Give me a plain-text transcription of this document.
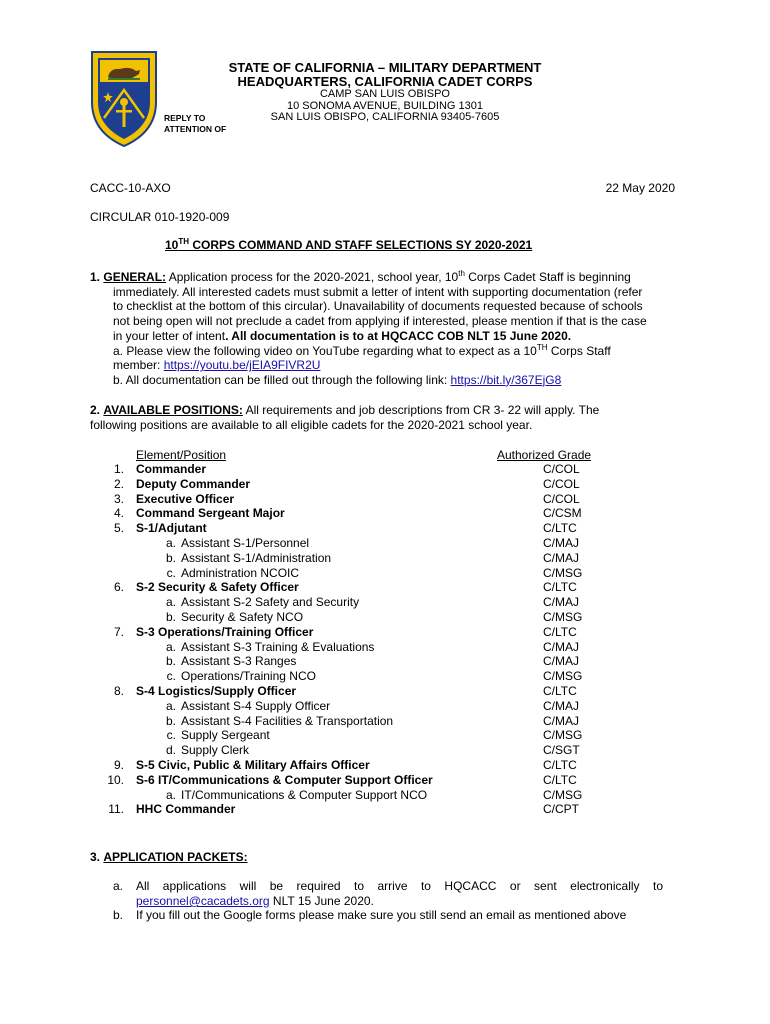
STATE OF CALIFORNIA – MILITARY DEPARTMENT
HEADQUARTERS, CALIFORNIA CADET CORPS
CAMP SAN LUIS OBISPO
10 SONOMA AVENUE, BUILDING 1301
SAN LUIS OBISPO, CALIFORNIA 93405-7605
REPLY TO
ATTENTION OF
CACC-10-AXO	22 May 2020
CIRCULAR 010-1920-009
10TH CORPS COMMAND AND STAFF SELECTIONS SY 2020-2021
1. GENERAL: Application process for the 2020-2021, school year, 10th Corps Cadet Staff is beginning
immediately. All interested cadets must submit a letter of intent with supporting documentation (refer
to checklist at the bottom of this circular). Unavailability of documents requested because of schools
not being open will not preclude a cadet from applying if interested, please mention if that is the case
in your letter of intent. All documentation is to at HQCACC COB NLT 15 June 2020.
a. Please view the following video on YouTube regarding what to expect as a 10TH Corps Staff
member: https://youtu.be/jEIA9FIVR2U
b. All documentation can be filled out through the following link: https://bit.ly/367EjG8
2. AVAILABLE POSITIONS: All requirements and job descriptions from CR 3- 22 will apply. The
following positions are available to all eligible cadets for the 2020-2021 school year.
Element/Position	Authorized Grade
1. Commander	C/COL
2. Deputy Commander	C/COL
3. Executive Officer	C/COL
4. Command Sergeant Major	C/CSM
5. S-1/Adjutant	C/LTC
a. Assistant S-1/Personnel	C/MAJ
b. Assistant S-1/Administration	C/MAJ
c. Administration NCOIC	C/MSG
6. S-2 Security & Safety Officer	C/LTC
a. Assistant S-2 Safety and Security	C/MAJ
b. Security & Safety NCO	C/MSG
7. S-3 Operations/Training Officer	C/LTC
a. Assistant S-3 Training & Evaluations	C/MAJ
b. Assistant S-3 Ranges	C/MAJ
c. Operations/Training NCO	C/MSG
8. S-4 Logistics/Supply Officer	C/LTC
a. Assistant S-4 Supply Officer	C/MAJ
b. Assistant S-4 Facilities & Transportation	C/MAJ
c. Supply Sergeant	C/MSG
d. Supply Clerk	C/SGT
9. S-5 Civic, Public & Military Affairs Officer	C/LTC
10. S-6 IT/Communications & Computer Support Officer	C/LTC
a. IT/Communications & Computer Support NCO	C/MSG
11. HHC Commander	C/CPT
3. APPLICATION PACKETS:
a. All applications will be required to arrive to HQCACC or sent electronically to
personnel@cacadets.org NLT 15 June 2020.
b. If you fill out the Google forms please make sure you still send an email as mentioned above
